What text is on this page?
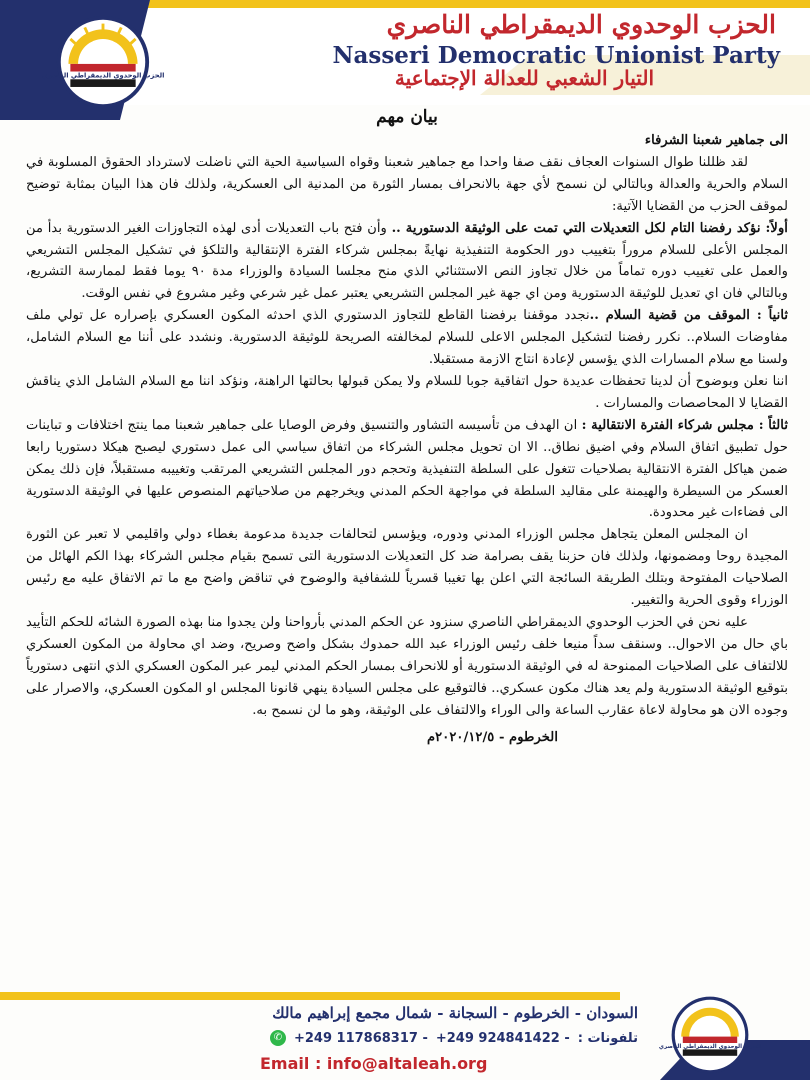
الحزب الوحدوي الديمقراطي الناصري
الحزب الوحدوي الديمقراطي الناصري
Nasseri Democratic Unionist Party
التيار الشعبي للعدالة الإجتماعية

بيان مهم

الى جماهير شعبنا الشرفاء

لقد ظللنا طوال السنوات العجاف نقف صفا واحدا مع جماهير شعبنا وقواه السياسية الحية التي ناضلت لاسترداد الحقوق المسلوبة في السلام والحرية والعدالة وبالتالي لن نسمح لأي جهة بالانحراف بمسار الثورة من المدنية الى العسكرية، ولذلك فان هذا البيان بمثابة توضيح لموقف الحزب من القضايا الآتية:

أولاً: نؤكد رفضنا التام لكل التعديلات التي تمت على الوثيقة الدستورية .. وأن فتح باب التعديلات أدى لهذه التجاوزات الغير الدستورية بدأ من المجلس الأعلى للسلام مروراً بتغييب دور الحكومة التنفيذية نهايةً بمجلس شركاء الفترة الإنتقالية والتلكؤ في تشكيل المجلس التشريعي والعمل على تغييب دوره تماماً من خلال تجاوز النص الاستثنائي الذي منح مجلسا السيادة والوزراء مدة ٩٠ يوما فقط لممارسة التشريع، وبالتالي فان اي تعديل للوثيقة الدستورية ومن اي جهة غير المجلس التشريعي يعتبر عمل غير شرعي وغير مشروع في نفس الوقت.

ثانياً : الموقف من قضية السلام ..نجدد موقفنا برفضنا القاطع للتجاوز الدستوري الذي احدثه المكون العسكري بإصراره عل تولي ملف مفاوضات السلام.. نكرر رفضنا لتشكيل المجلس الاعلى للسلام لمخالفته الصريحة للوثيقة الدستورية. ونشدد على أننا مع السلام الشامل، ولسنا مع سلام المسارات الذي يؤسس لإعادة انتاج الازمة مستقبلا.

اننا نعلن وبوضوح أن لدينا تحفظات عديدة حول اتفاقية جوبا للسلام ولا يمكن قبولها بحالتها الراهنة، ونؤكد اننا مع السلام الشامل الذي يناقش القضايا لا المحاصصات والمسارات .

ثالثاً : مجلس شركاء الفترة الانتقالية : ان الهدف من تأسيسه التشاور والتنسيق وفرض الوصايا على جماهير شعبنا مما ينتج اختلافات و تباينات حول تطبيق اتفاق السلام وفي اضيق نطاق.. الا ان تحويل مجلس الشركاء من اتفاق سياسي الى عمل دستوري ليصبح هيكلا دستوريا رابعا ضمن هياكل الفترة الانتقالية بصلاحيات تتغول على السلطة التنفيذية وتحجم دور المجلس التشريعي المرتقب وتغييبه مستقبلاً، فإن ذلك يمكن العسكر من السيطرة والهيمنة على مقاليد السلطة في مواجهة الحكم المدني ويخرجهم من صلاحياتهم المنصوص عليها في الوثيقة الدستورية الى فضاءات غير محدودة.

ان المجلس المعلن يتجاهل مجلس الوزراء المدني ودوره، ويؤسس لتحالفات جديدة مدعومة بغطاء دولي واقليمي لا تعبر عن الثورة المجيدة روحا ومضمونها، ولذلك فان حزبنا يقف بصرامة ضد كل التعديلات الدستورية التى تسمح بقيام مجلس الشركاء بهذا الكم الهائل من الصلاحيات المفتوحة وبتلك الطريقة السائجة التي اعلن بها تغيبا قسرياً للشفافية والوضوح في تناقض واضح مع ما تم الاتفاق عليه مع رئيس الوزراء وقوى الحرية والتغيير.

عليه نحن في الحزب الوحدوي الديمقراطي الناصري سنزود عن الحكم المدني بأرواحنا ولن يجدوا منا بهذه الصورة الشائه للحكم التأييد باي حال من الاحوال.. وسنقف سداً منيعا خلف رئيس الوزراء عبد الله حمدوك بشكل واضح وصريح، وضد اي محاولة من المكون العسكري للالتفاف على الصلاحيات الممنوحة له في الوثيقة الدستورية أو للانحراف بمسار الحكم المدني ليمر عبر المكون العسكري الذي انتهى دستورياً بتوقيع الوثيقة الدستورية ولم يعد هناك مكون عسكري.. فالتوقيع على مجلس السيادة ينهي قانونا المجلس او المكون العسكري، والاصرار على وجوده الان هو محاولة لاعاة عقارب الساعة والى الوراء والالتفاف على الوثيقة، وهو ما لن نسمح به.

الخرطوم - ٢٠٢٠/١٢/٥م

الحزب الوحدوي الديمقراطي الناصري
السودان - الخرطوم - السجانة - شمال مجمع إبراهيم مالك
✆ +249 117868317 - +249 924841422 - تلفونات :
Email : info@altaleah.org
